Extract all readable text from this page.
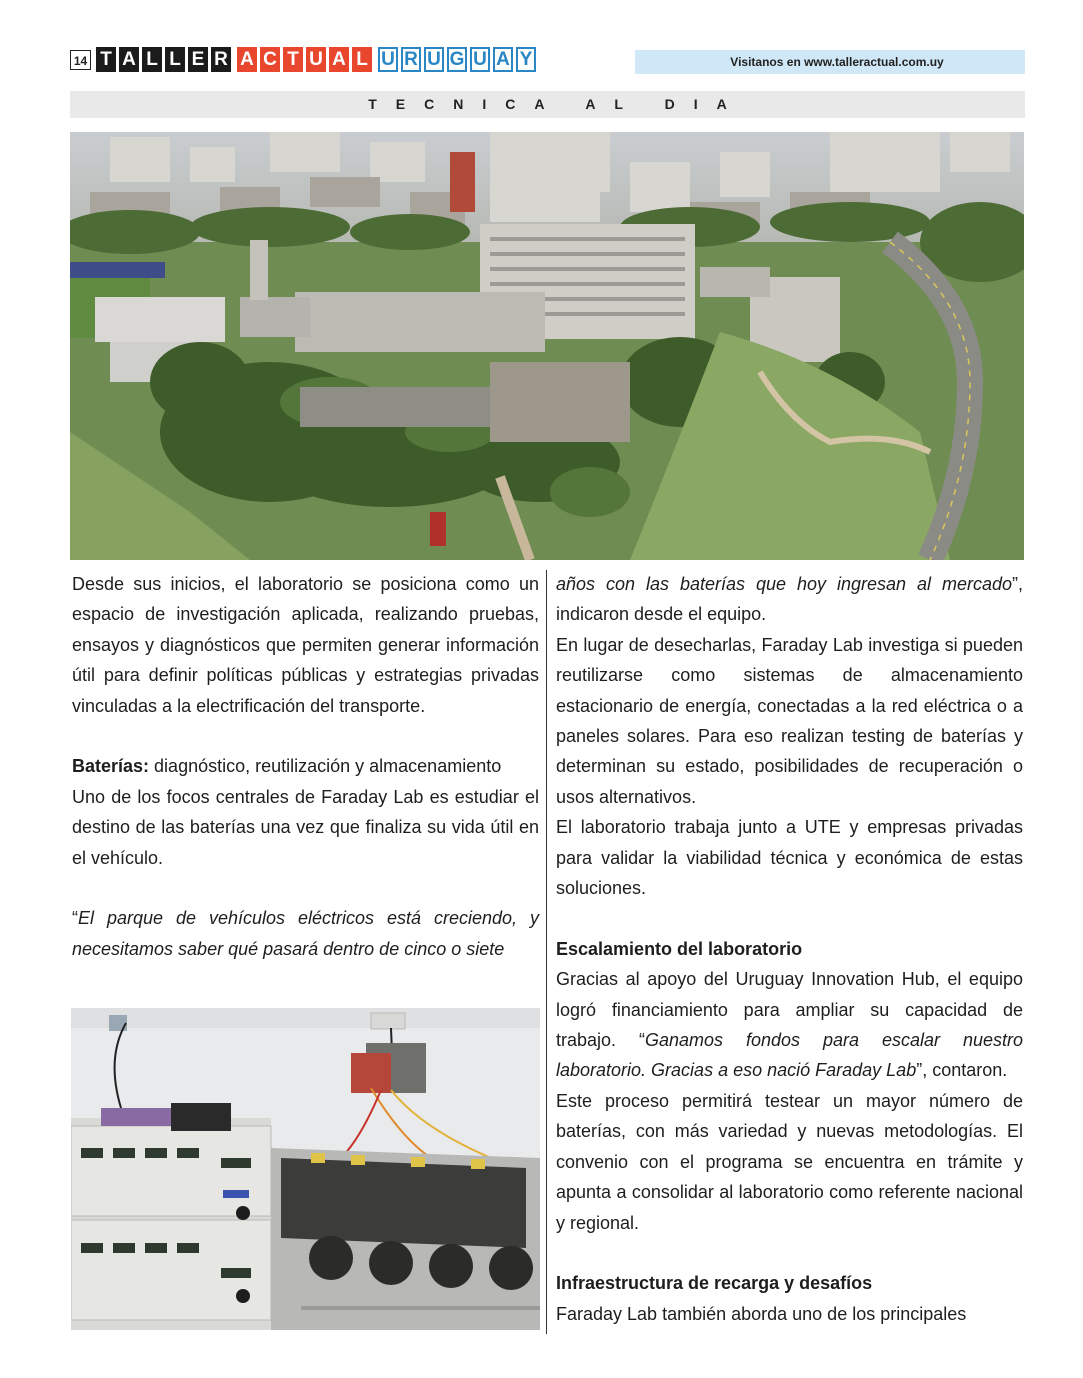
14 T A L L E R A C T U A L U R U G U A Y	Visitanos en www.talleractual.com.uy
TECNICA AL DIA

Desde sus inicios, el laboratorio se posiciona como un espacio de investigación aplicada, realizando pruebas, ensayos y diagnósticos que permiten generar información útil para definir políticas públicas y estrategias privadas vinculadas a la electrificación del transporte.

Baterías: diagnóstico, reutilización y almacenamiento

Uno de los focos centrales de Faraday Lab es estudiar el destino de las baterías una vez que finaliza su vida útil en el vehículo.

“El parque de vehículos eléctricos está creciendo, y necesitamos saber qué pasará dentro de cinco o siete

años con las baterías que hoy ingresan al mercado”, indicaron desde el equipo.

En lugar de desecharlas, Faraday Lab investiga si pueden reutilizarse como sistemas de almacenamiento estacionario de energía, conectadas a la red eléctrica o a paneles solares. Para eso realizan testing de baterías y determinan su estado, posibilidades de recuperación o usos alternativos.

El laboratorio trabaja junto a UTE y empresas privadas para validar la viabilidad técnica y económica de estas soluciones.

Escalamiento del laboratorio

Gracias al apoyo del Uruguay Innovation Hub, el equipo logró financiamiento para ampliar su capacidad de trabajo. “Ganamos fondos para escalar nuestro laboratorio. Gracias a eso nació Faraday Lab”, contaron.

Este proceso permitirá testear un mayor número de baterías, con más variedad y nuevas metodologías. El convenio con el programa se encuentra en trámite y apunta a consolidar al laboratorio como referente nacional y regional.

Infraestructura de recarga y desafíos

Faraday Lab también aborda uno de los principales
